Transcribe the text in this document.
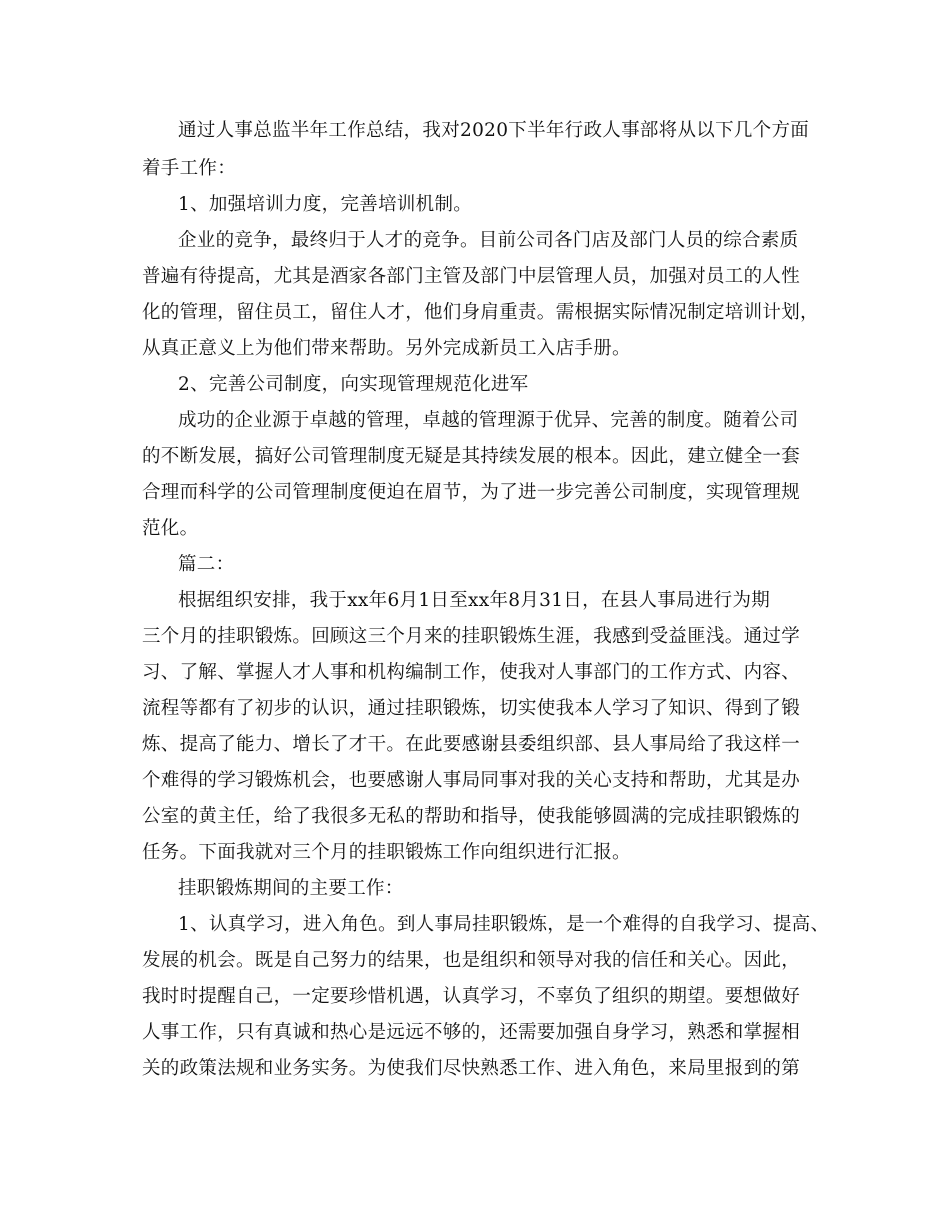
通过人事总监半年工作总结，我对2020下半年行政人事部将从以下几个方面
着手工作：
1、加强培训力度，完善培训机制。
企业的竞争，最终归于人才的竞争。目前公司各门店及部门人员的综合素质
普遍有待提高，尤其是酒家各部门主管及部门中层管理人员，加强对员工的人性
化的管理，留住员工，留住人才，他们身肩重责。需根据实际情况制定培训计划，
从真正意义上为他们带来帮助。另外完成新员工入店手册。
2、完善公司制度，向实现管理规范化进军
成功的企业源于卓越的管理，卓越的管理源于优异、完善的制度。随着公司
的不断发展，搞好公司管理制度无疑是其持续发展的根本。因此，建立健全一套
合理而科学的公司管理制度便迫在眉节，为了进一步完善公司制度，实现管理规
范化。
篇二：
根据组织安排，我于xx年6月1日至xx年8月31日，在县人事局进行为期
三个月的挂职锻炼。回顾这三个月来的挂职锻炼生涯，我感到受益匪浅。通过学
习、了解、掌握人才人事和机构编制工作，使我对人事部门的工作方式、内容、
流程等都有了初步的认识，通过挂职锻炼，切实使我本人学习了知识、得到了锻
炼、提高了能力、增长了才干。在此要感谢县委组织部、县人事局给了我这样一
个难得的学习锻炼机会，也要感谢人事局同事对我的关心支持和帮助，尤其是办
公室的黄主任，给了我很多无私的帮助和指导，使我能够圆满的完成挂职锻炼的
任务。下面我就对三个月的挂职锻炼工作向组织进行汇报。
挂职锻炼期间的主要工作：
1、认真学习，进入角色。到人事局挂职锻炼，是一个难得的自我学习、提高、
发展的机会。既是自己努力的结果，也是组织和领导对我的信任和关心。因此，
我时时提醒自己，一定要珍惜机遇，认真学习，不辜负了组织的期望。要想做好
人事工作，只有真诚和热心是远远不够的，还需要加强自身学习，熟悉和掌握相
关的政策法规和业务实务。为使我们尽快熟悉工作、进入角色，来局里报到的第
